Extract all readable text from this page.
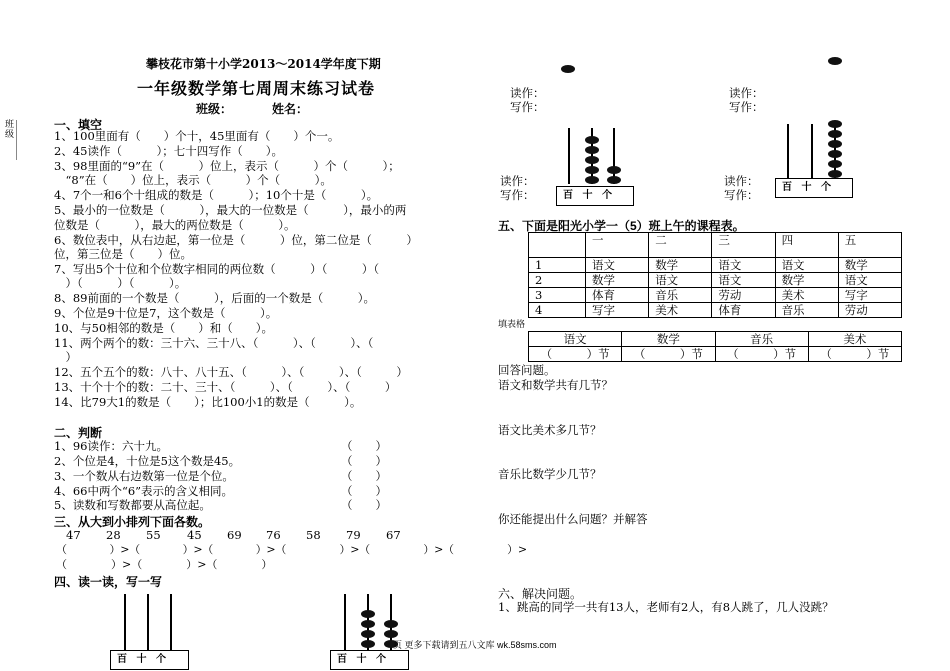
班级
攀枝花市第十小学2013～2014学年度下期
一年级数学第七周周末练习试卷
班级：	姓名：
一、填空
1、100里面有（　　）个十，45里面有（　　）个一。
2、45读作（　　　）；七十四写作（　　）。
3、98里面的“9”在（　　　）位上，表示（　　　）个（　　　）；
　“8”在（　　）位上，表示（　　　）个（　　　）。
4、7个一和6个十组成的数是（　　　）；10个十是（　　　）。
5、最小的一位数是（　　　），最大的一位数是（　　　），最小的两
位数是（　　　），最大的两位数是（　　　）。
6、数位表中，从右边起，第一位是（　　　）位，第二位是（　　　）
位，第三位是（　　）位。
7、写出5个十位和个位数字相同的两位数（　　　）（　　　）（
　）（　　　）（　　　）。
8、89前面的一个数是（　　　），后面的一个数是（　　　）。
9、个位是9十位是7，这个数是（　　　）。
10、与50相邻的数是（　　）和（　　）。
11、两个两个的数：三十六、三十八、（　　　）、（　　　）、（
　）
12、五个五个的数：八十、八十五、（　　　）、（　　　）、（　　　）
13、十个十个的数：二十、三十、（　　　）、（　　　）、（　　　）
14、比79大1的数是（　　）；比100小1的数是（　　　）。
二、判断
1、96读作：六十九。	（　　）
2、个位是4，十位是5这个数是45。	（　　）
3、一个数从右边数第一位是个位。	（　　）
4、66中两个“6”表示的含义相同。	（　　）
5、读数和写数都要从高位起。	（　　）
三、从大到小排列下面各数。
47 28 55 45 69 76 58 79 67
（　　　　）>（　　　　）>（　　　　）>（　　　　　）>（　　　　　）>（　　　　　）>
（　　　　）>（　　　　）>（　　　　）
四、读一读，写一写
百 十 个	百 十 个
读作：
写作：
读作：
写作：
百 十 个
读作：
写作：
百 十 个
读作：
写作：
五、下面是阳光小学一（5）班上午的课程表。
	一	二	三	四	五
1	语文	数学	语文	语文	数学
2	数学	语文	语文	数学	语文
3	体育	音乐	劳动	美术	写字
4	写字	美术	体育	音乐	劳动
填表格
语文	数学	音乐	美术
（　　　）节	（　　　）节	（　　　）节	（　　　）节
回答问题。
语文和数学共有几节？
语文比美术多几节？
音乐比数学少几节？
你还能提出什么问题？并解答
六、解决问题。
1、跳高的同学一共有13人，老师有2人，有8人跳了，几人没跳？
页 更多下载请到五八文库 wk.58sms.com
